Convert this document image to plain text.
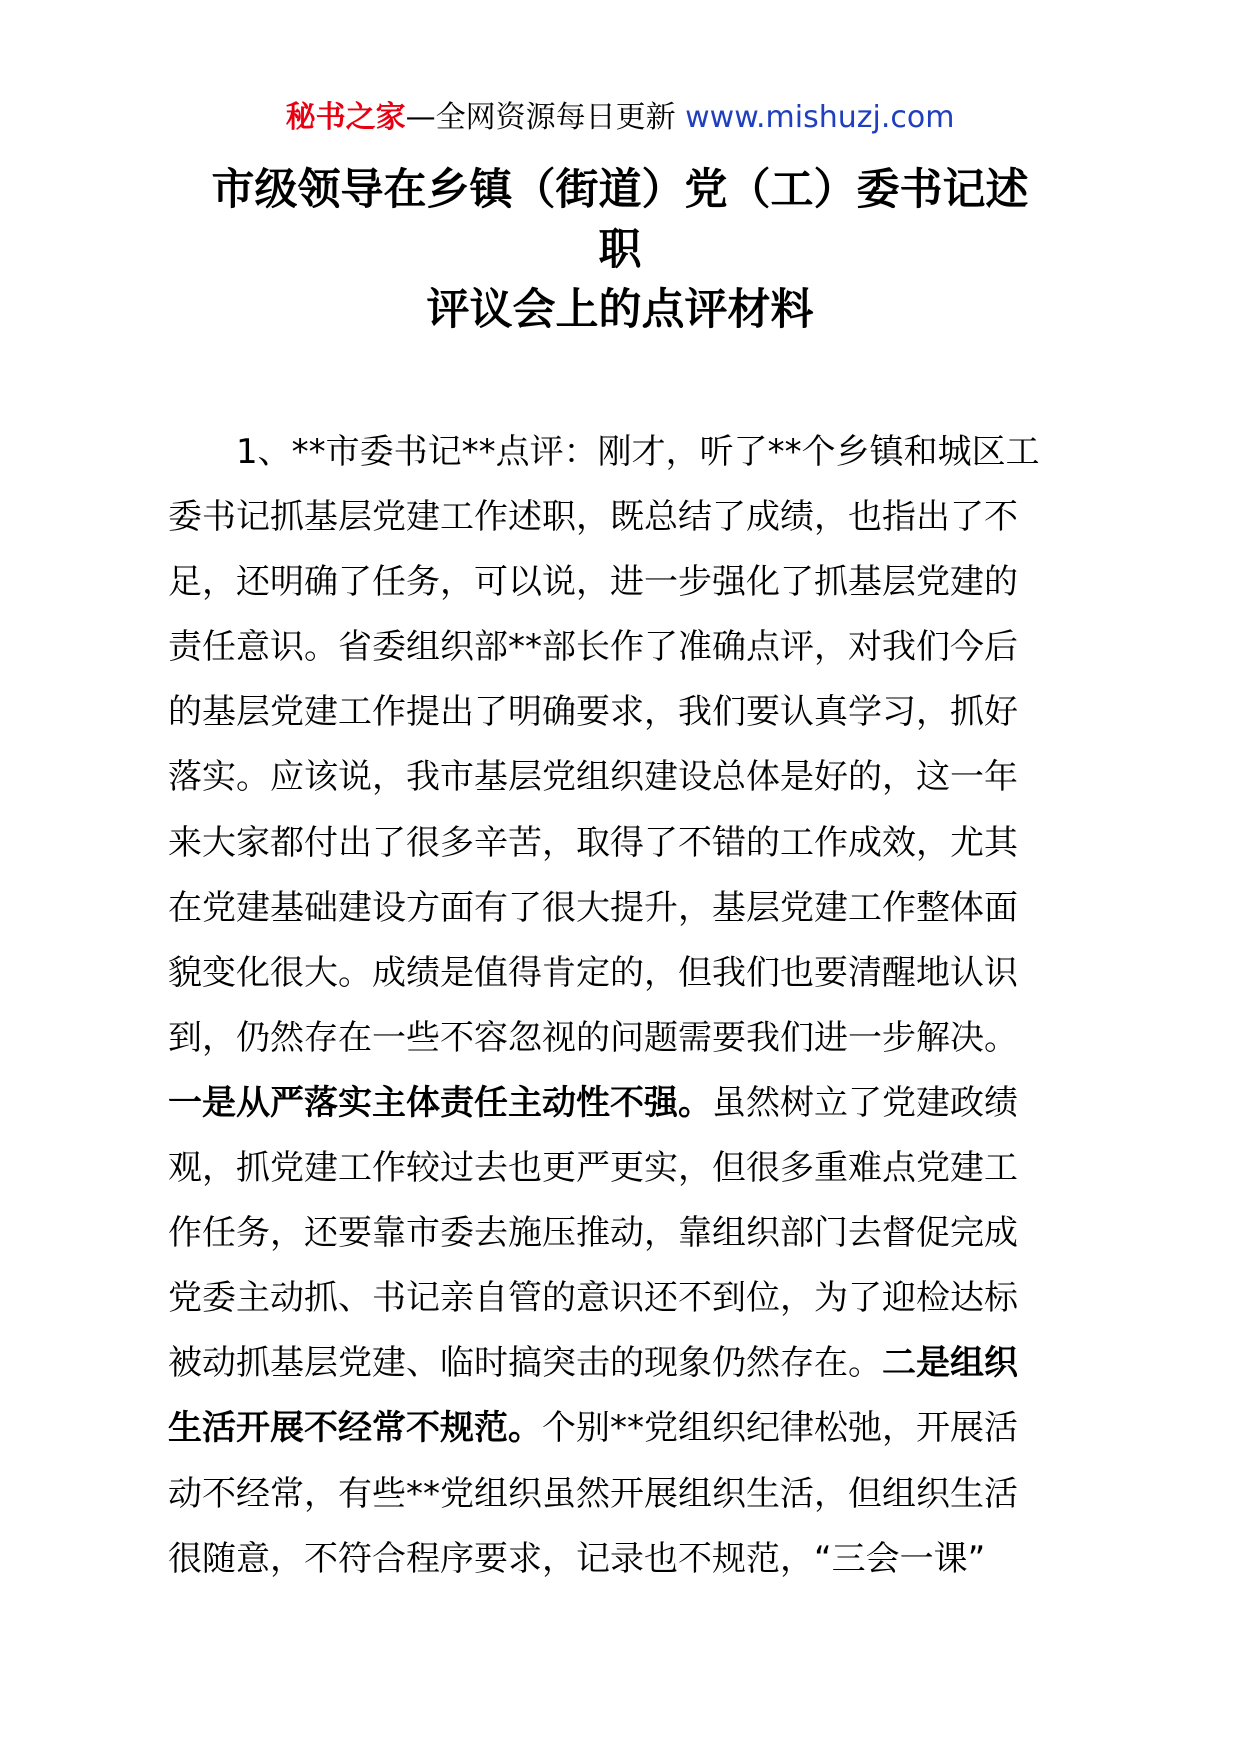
秘书之家—全网资源每日更新 www.mishuzj.com
市级领导在乡镇（街道）党（工）委书记述
职
评议会上的点评材料
1、**市委书记**点评：刚才，听了**个乡镇和城区工
委书记抓基层党建工作述职，既总结了成绩，也指出了不
足，还明确了任务，可以说，进一步强化了抓基层党建的
责任意识。省委组织部**部长作了准确点评，对我们今后
的基层党建工作提出了明确要求，我们要认真学习，抓好
落实。应该说，我市基层党组织建设总体是好的，这一年
来大家都付出了很多辛苦，取得了不错的工作成效，尤其
在党建基础建设方面有了很大提升，基层党建工作整体面
貌变化很大。成绩是值得肯定的，但我们也要清醒地认识
到，仍然存在一些不容忽视的问题需要我们进一步解决。
一是从严落实主体责任主动性不强。虽然树立了党建政绩
观，抓党建工作较过去也更严更实，但很多重难点党建工
作任务，还要靠市委去施压推动，靠组织部门去督促完成
党委主动抓、书记亲自管的意识还不到位，为了迎检达标
被动抓基层党建、临时搞突击的现象仍然存在。二是组织
生活开展不经常不规范。个别**党组织纪律松弛，开展活
动不经常，有些**党组织虽然开展组织生活，但组织生活
很随意，不符合程序要求，记录也不规范，“三会一课”
